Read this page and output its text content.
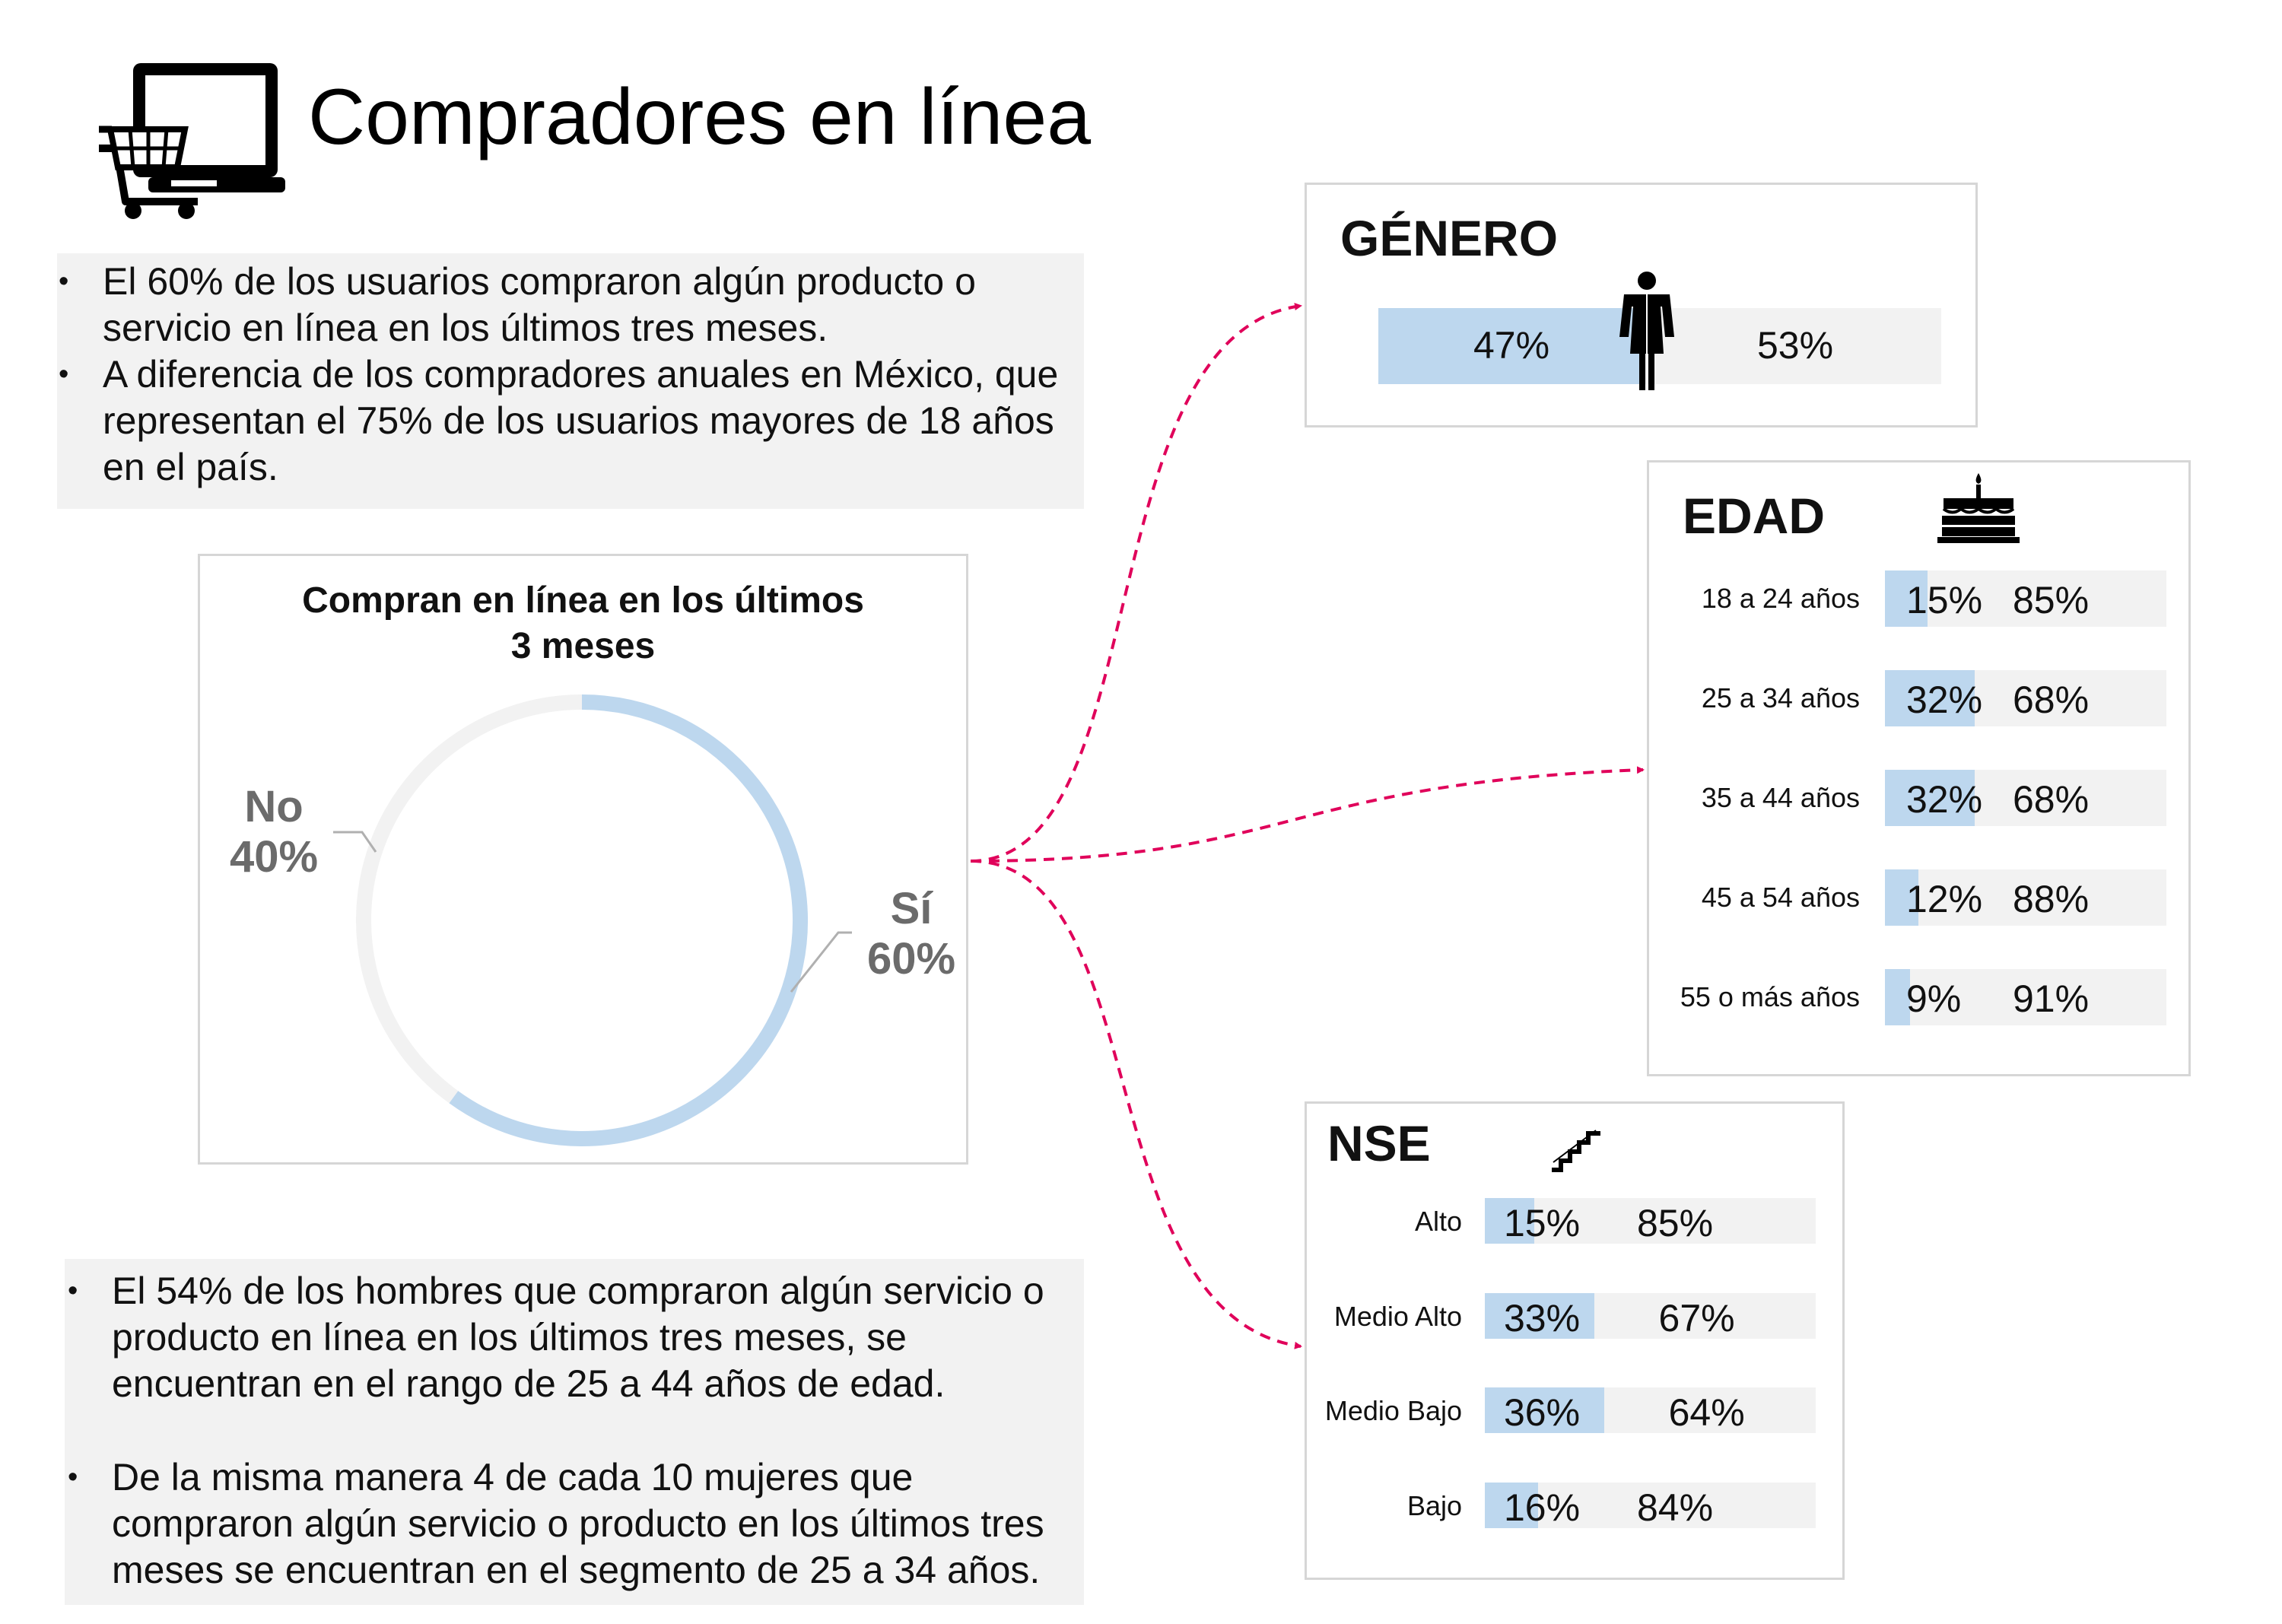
Compradores en línea
• El 60% de los usuarios compraron algún producto o servicio en línea en los últimos tres meses.
• A diferencia de los compradores anuales en México, que representan el 75% de los usuarios mayores de 18 años en el país.
Compran en línea en los últimos
3 meses
No
40%
Sí
60%
• El 54% de los hombres que compraron algún servicio o producto en línea en los últimos tres meses, se encuentran en el rango de 25 a 44 años de edad.
• De la misma manera 4 de cada 10 mujeres que compraron algún servicio o producto en los últimos tres meses se encuentran en el segmento de 25 a 34 años.
GÉNERO
47%	53%
EDAD
NSE
18 a 24 años 15% 85%
25 a 34 años 32% 68%
35 a 44 años 32% 68%
45 a 54 años 12% 88%
55 o más años 9% 91%
Alto 15% 85%
Medio Alto 33% 67%
Medio Bajo 36% 64%
Bajo 16% 84%
